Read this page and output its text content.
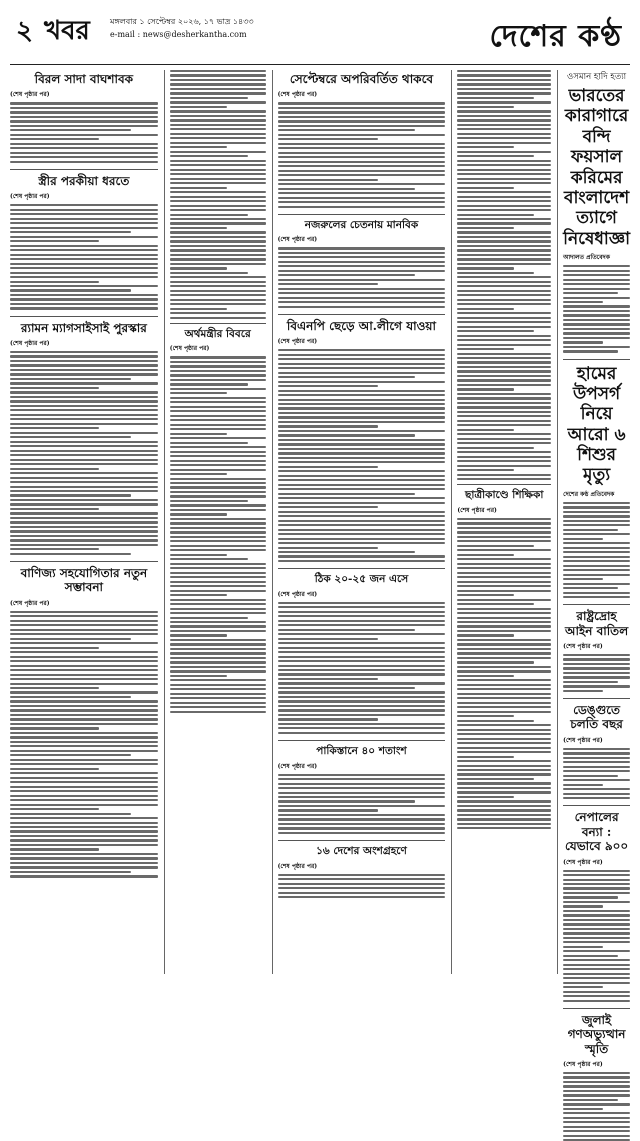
২ খবর	মঙ্গলবার ১ সেপ্টেম্বর ২০২৬, ১৭ ভাদ্র ১৪৩৩
e-mail : news@desherkantha.com	দেশের কণ্ঠ
বিরল সাদা বাঘশাবক
(শেষ পৃষ্ঠার পর)
স্ত্রীর পরকীয়া ধরতে
(শেষ পৃষ্ঠার পর)
র‍্যামন ম্যাগসাইসাই পুরস্কার
(শেষ পৃষ্ঠার পর)
বাণিজ্য সহযোগিতার নতুন সম্ভাবনা
(শেষ পৃষ্ঠার পর)
অর্থমন্ত্রীর বিবরে
(শেষ পৃষ্ঠার পর)
সেপ্টেম্বরে অপরিবর্তিত থাকবে
(শেষ পৃষ্ঠার পর)
নজরুলের চেতনায় মানবিক
(শেষ পৃষ্ঠার পর)
বিএনপি ছেড়ে আ.লীগে যাওয়া
(শেষ পৃষ্ঠার পর)
ঠিক ২০-২৫ জন এসে
(শেষ পৃষ্ঠার পর)
পাকিস্তানে ৪০ শতাংশ
(শেষ পৃষ্ঠার পর)
১৬ দেশের অংশগ্রহণে
(শেষ পৃষ্ঠার পর)
ছাত্রীকাণ্ডে শিক্ষিকা
(শেষ পৃষ্ঠার পর)
ওসমান হাদি হত্যা
ভারতের কারাগারে বন্দি ফয়সাল করিমের বাংলাদেশ ত্যাগে নিষেধাজ্ঞা
আদালত প্রতিবেদক
হামের উপসর্গ নিয়ে আরো ৬ শিশুর মৃত্যু
দেশের কণ্ঠ প্রতিবেদক
রাষ্ট্রদ্রোহ আইন বাতিল
(শেষ পৃষ্ঠার পর)
ডেঙ্গুতে চলতি বছর
(শেষ পৃষ্ঠার পর)
নেপালের বন্যা : যেভাবে ৯০০
(শেষ পৃষ্ঠার পর)
জুলাই গণঅভ্যুত্থান স্মৃতি
(শেষ পৃষ্ঠার পর)
